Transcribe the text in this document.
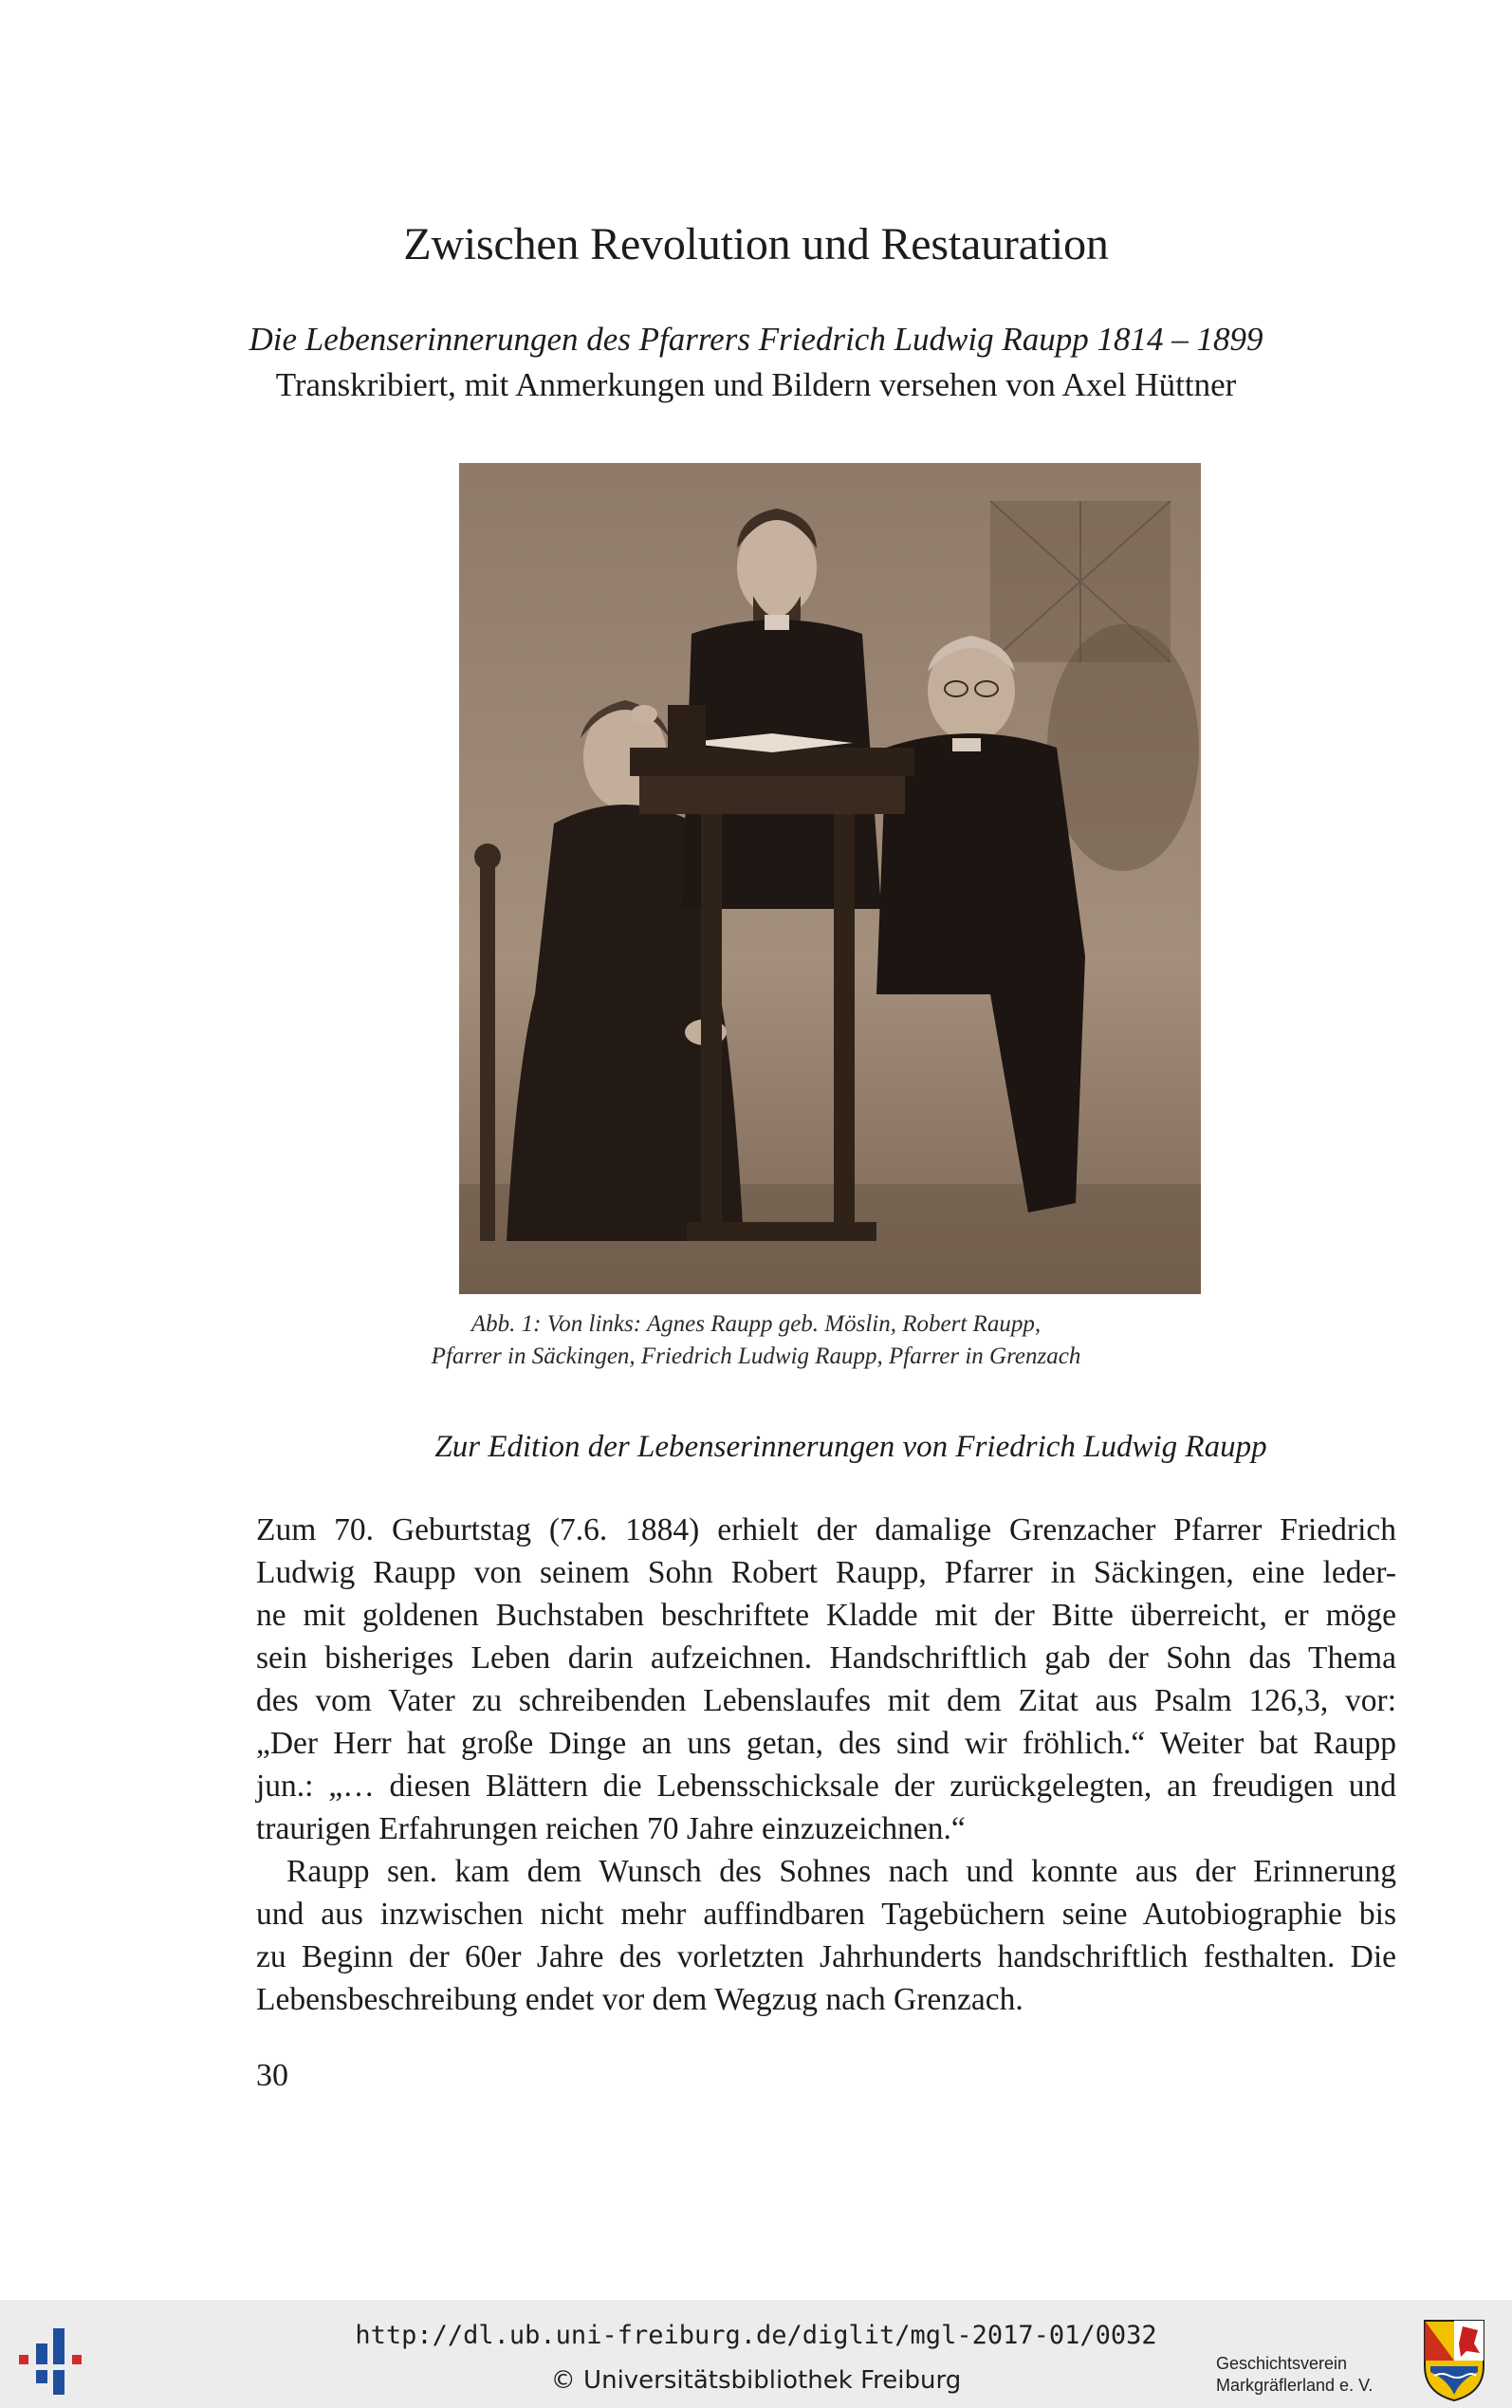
Zwischen Revolution und Restauration
Die Lebenserinnerungen des Pfarrers Friedrich Ludwig Raupp 1814 – 1899
Transkribiert, mit Anmerkungen und Bildern versehen von Axel Hüttner
Abb. 1: Von links: Agnes Raupp geb. Möslin, Robert Raupp,
Pfarrer in Säckingen, Friedrich Ludwig Raupp, Pfarrer in Grenzach
Zur Edition der Lebenserinnerungen von Friedrich Ludwig Raupp
Zum 70. Geburtstag (7.6. 1884) erhielt der damalige Grenzacher Pfarrer Friedrich
Ludwig Raupp von seinem Sohn Robert Raupp, Pfarrer in Säckingen, eine leder-
ne mit goldenen Buchstaben beschriftete Kladde mit der Bitte überreicht, er möge
sein bisheriges Leben darin aufzeichnen. Handschriftlich gab der Sohn das Thema
des vom Vater zu schreibenden Lebenslaufes mit dem Zitat aus Psalm 126,3, vor:
„Der Herr hat große Dinge an uns getan, des sind wir fröhlich.“ Weiter bat Raupp
jun.: „… diesen Blättern die Lebensschicksale der zurückgelegten, an freudigen und
traurigen Erfahrungen reichen 70 Jahre einzuzeichnen.“
Raupp sen. kam dem Wunsch des Sohnes nach und konnte aus der Erinnerung
und aus inzwischen nicht mehr auffindbaren Tagebüchern seine Autobiographie bis
zu Beginn der 60er Jahre des vorletzten Jahrhunderts handschriftlich festhalten. Die
Lebensbeschreibung endet vor dem Wegzug nach Grenzach.
30
http://dl.ub.uni-freiburg.de/diglit/mgl-2017-01/0032
© Universitätsbibliothek Freiburg
Geschichtsverein
Markgräflerland e. V.
